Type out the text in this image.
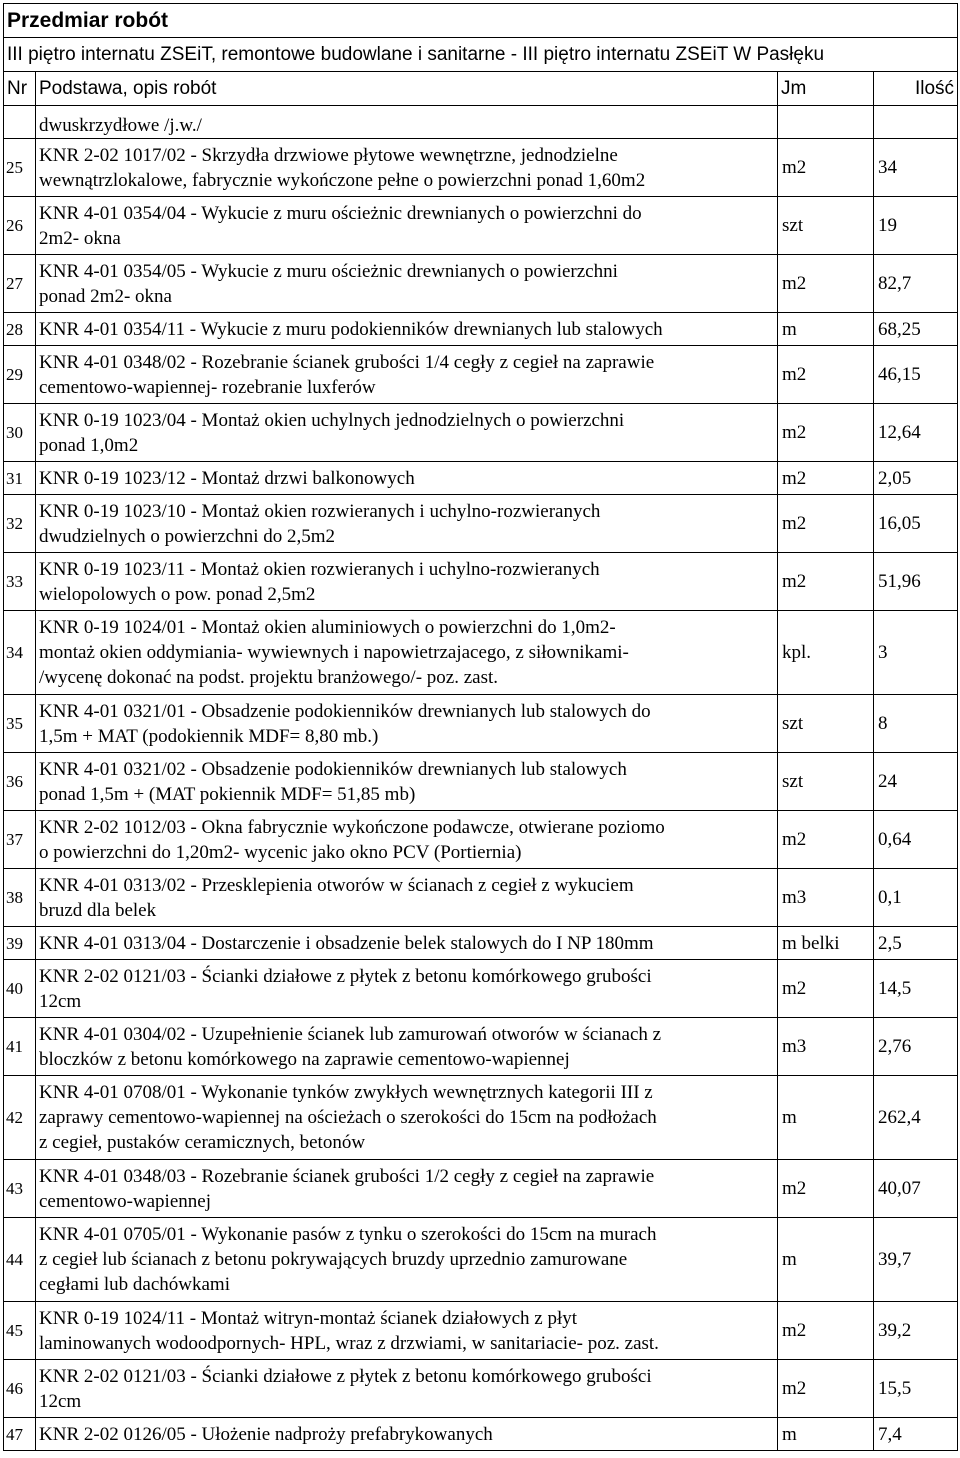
Przedmiar robót			
III piętro internatu ZSEiT, remontowe budowlane i sanitarne - III piętro internatu ZSEiT W Pasłęku			
Nr	Podstawa, opis robót	Jm	Ilość
	dwuskrzydłowe /j.w./		
25	KNR 2-02 1017/02 - Skrzydła drzwiowe płytowe wewnętrzne, jednodzielne
wewnątrzlokalowe, fabrycznie wykończone pełne o powierzchni ponad 1,60m2	m2	34
26	KNR 4-01 0354/04 - Wykucie z muru ościeżnic drewnianych o powierzchni do
2m2- okna	szt	19
27	KNR 4-01 0354/05 - Wykucie z muru ościeżnic drewnianych o powierzchni
ponad 2m2- okna	m2	82,7
28	KNR 4-01 0354/11 - Wykucie z muru podokienników drewnianych lub stalowych	m	68,25
29	KNR 4-01 0348/02 - Rozebranie ścianek grubości 1/4 cegły z cegieł na zaprawie
cementowo-wapiennej- rozebranie luxferów	m2	46,15
30	KNR 0-19 1023/04 - Montaż okien uchylnych jednodzielnych o powierzchni
ponad 1,0m2	m2	12,64
31	KNR 0-19 1023/12 - Montaż drzwi balkonowych	m2	2,05
32	KNR 0-19 1023/10 - Montaż okien rozwieranych i uchylno-rozwieranych
dwudzielnych o powierzchni do 2,5m2	m2	16,05
33	KNR 0-19 1023/11 - Montaż okien rozwieranych i uchylno-rozwieranych
wielopolowych o pow. ponad 2,5m2	m2	51,96
34	KNR 0-19 1024/01 - Montaż okien aluminiowych o powierzchni do 1,0m2-
montaż okien oddymiania- wywiewnych i napowietrzajacego, z siłownikami-
/wycenę dokonać na podst. projektu branżowego/- poz. zast.	kpl.	3
35	KNR 4-01 0321/01 - Obsadzenie podokienników drewnianych lub stalowych do
1,5m + MAT (podokiennik MDF= 8,80 mb.)	szt	8
36	KNR 4-01 0321/02 - Obsadzenie podokienników drewnianych lub stalowych
ponad 1,5m + (MAT pokiennik MDF= 51,85 mb)	szt	24
37	KNR 2-02 1012/03 - Okna fabrycznie wykończone podawcze, otwierane poziomo
o powierzchni do 1,20m2- wycenic jako okno PCV (Portiernia)	m2	0,64
38	KNR 4-01 0313/02 - Przesklepienia otworów w ścianach z cegieł z wykuciem
bruzd dla belek	m3	0,1
39	KNR 4-01 0313/04 - Dostarczenie i obsadzenie belek stalowych do I NP 180mm	m belki	2,5
40	KNR 2-02 0121/03 - Ścianki działowe z płytek z betonu komórkowego grubości
12cm	m2	14,5
41	KNR 4-01 0304/02 - Uzupełnienie ścianek lub zamurowań otworów w ścianach z
bloczków z betonu komórkowego na zaprawie cementowo-wapiennej	m3	2,76
42	KNR 4-01 0708/01 - Wykonanie tynków zwykłych wewnętrznych kategorii III z
zaprawy cementowo-wapiennej na ościeżach o szerokości do 15cm na podłożach
z cegieł, pustaków ceramicznych, betonów	m	262,4
43	KNR 4-01 0348/03 - Rozebranie ścianek grubości 1/2 cegły z cegieł na zaprawie
cementowo-wapiennej	m2	40,07
44	KNR 4-01 0705/01 - Wykonanie pasów z tynku o szerokości do 15cm na murach
z cegieł lub ścianach z betonu pokrywających bruzdy uprzednio zamurowane
cegłami lub dachówkami	m	39,7
45	KNR 0-19 1024/11 - Montaż witryn-montaż ścianek działowych z płyt
laminowanych wodoodpornych- HPL, wraz z drzwiami, w sanitariacie- poz. zast.	m2	39,2
46	KNR 2-02 0121/03 - Ścianki działowe z płytek z betonu komórkowego grubości
12cm	m2	15,5
47	KNR 2-02 0126/05 - Ułożenie nadproży prefabrykowanych	m	7,4
